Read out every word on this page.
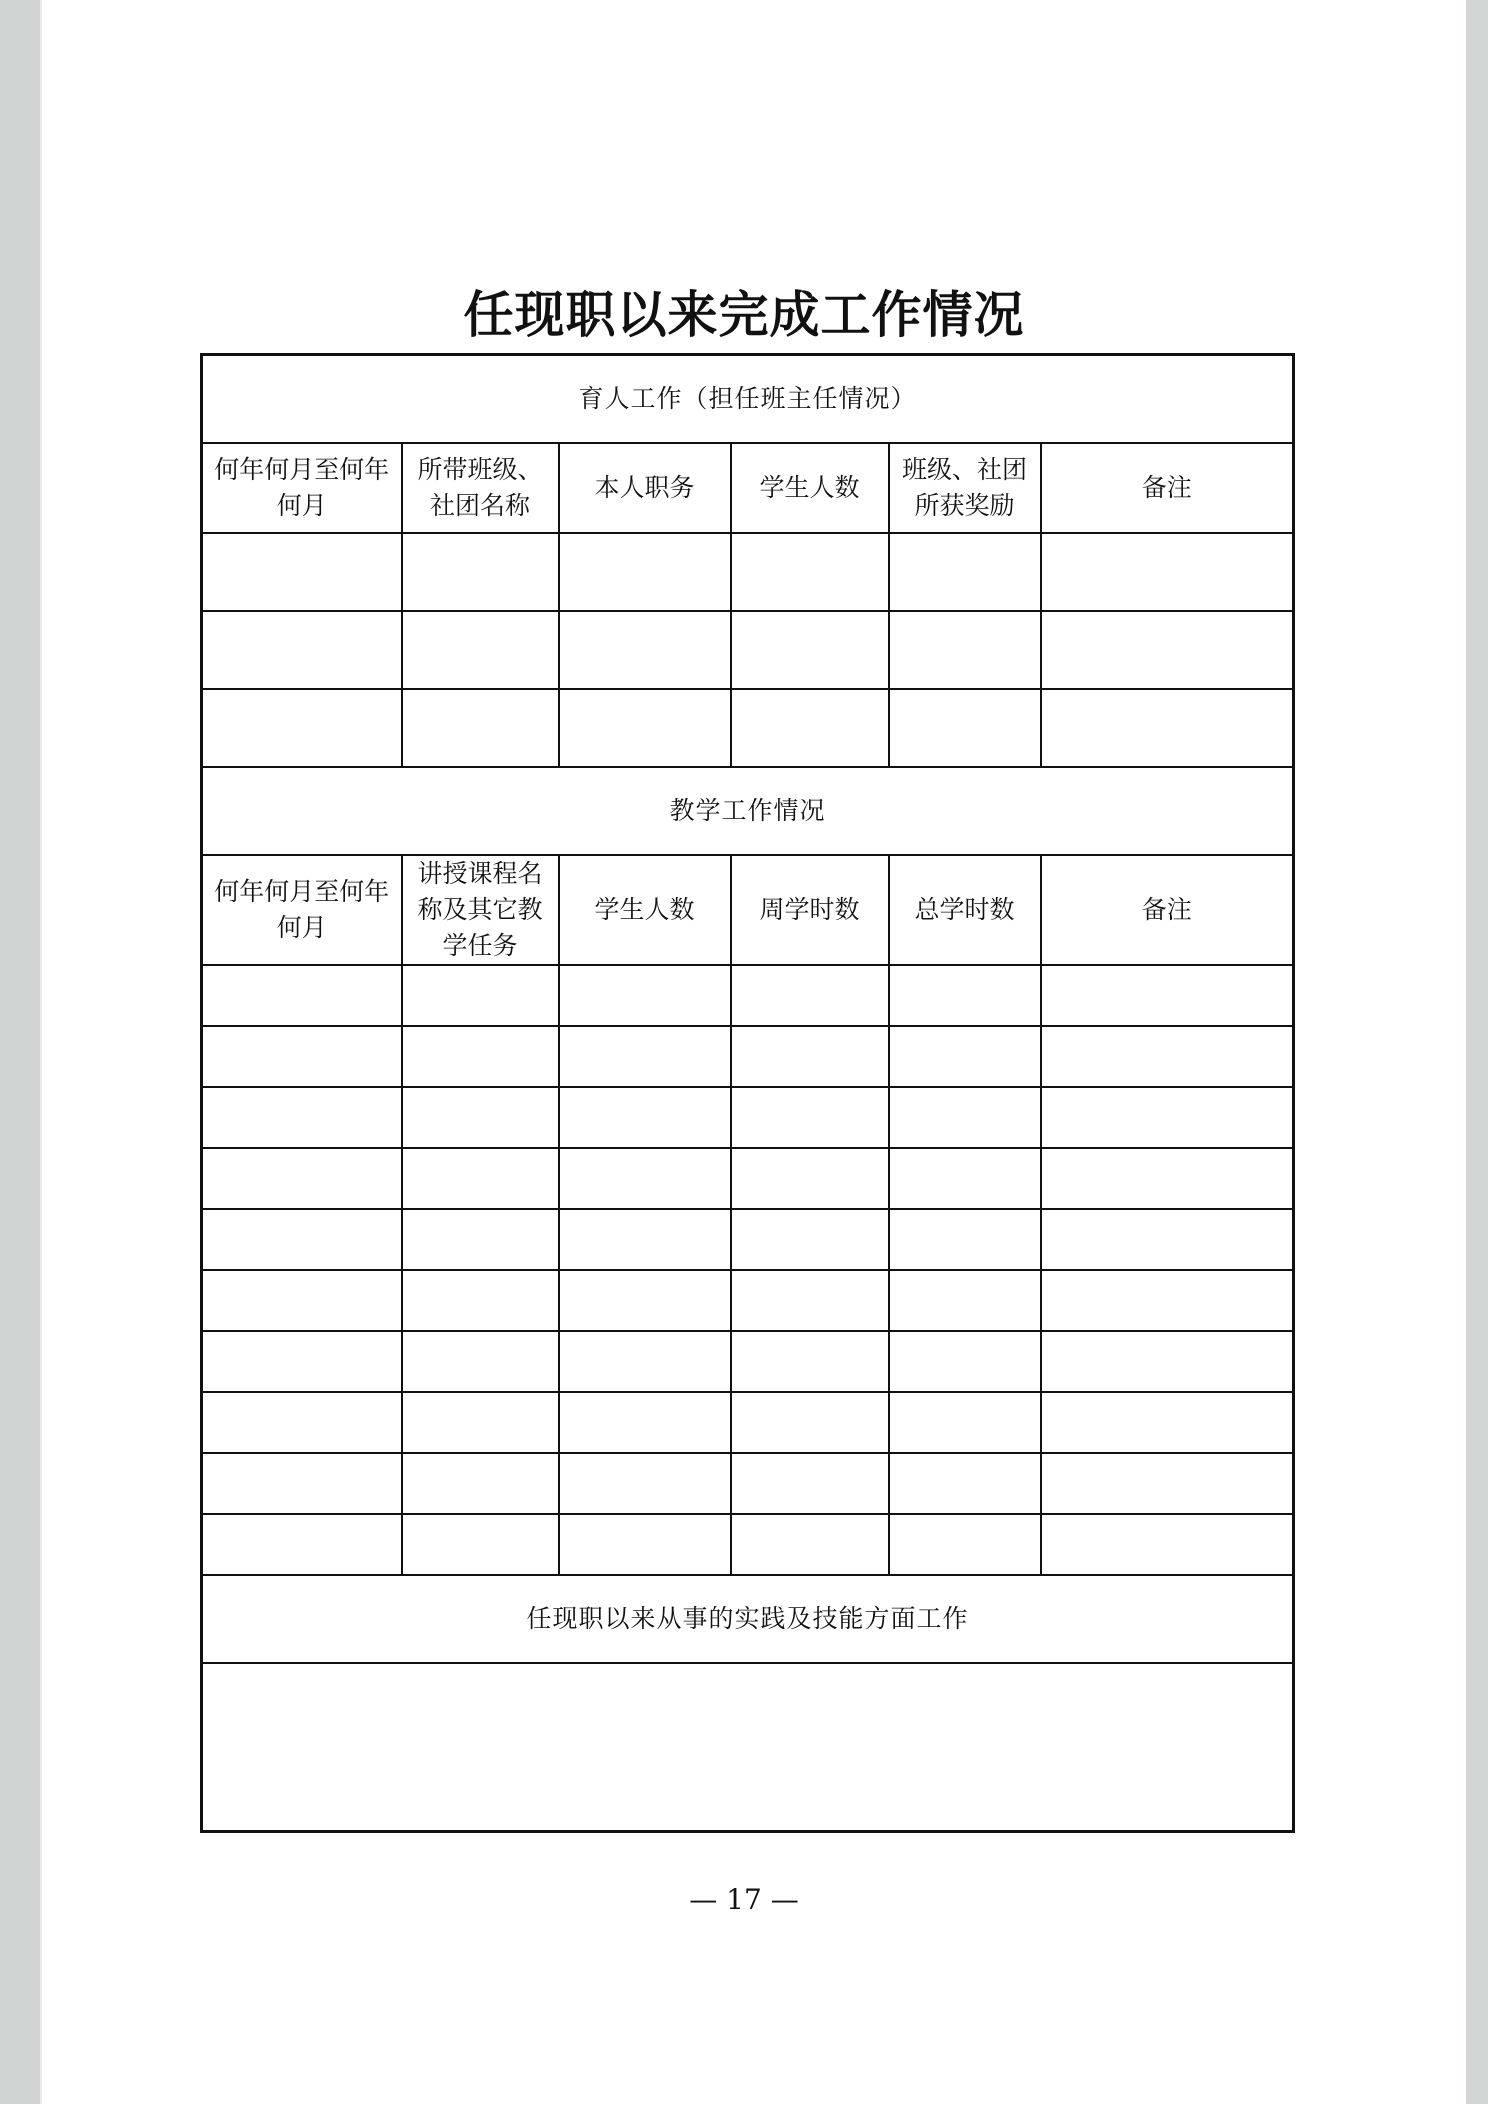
任现职以来完成工作情况
育人工作（担任班主任情况）					
何年何月至何年何月	所带班级、社团名称	本人职务	学生人数	班级、社团所获奖励	备注

教学工作情况					
何年何月至何年何月	讲授课程名称及其它教学任务	学生人数	周学时数	总学时数	备注

任现职以来从事的实践及技能方面工作					

— 17 —
